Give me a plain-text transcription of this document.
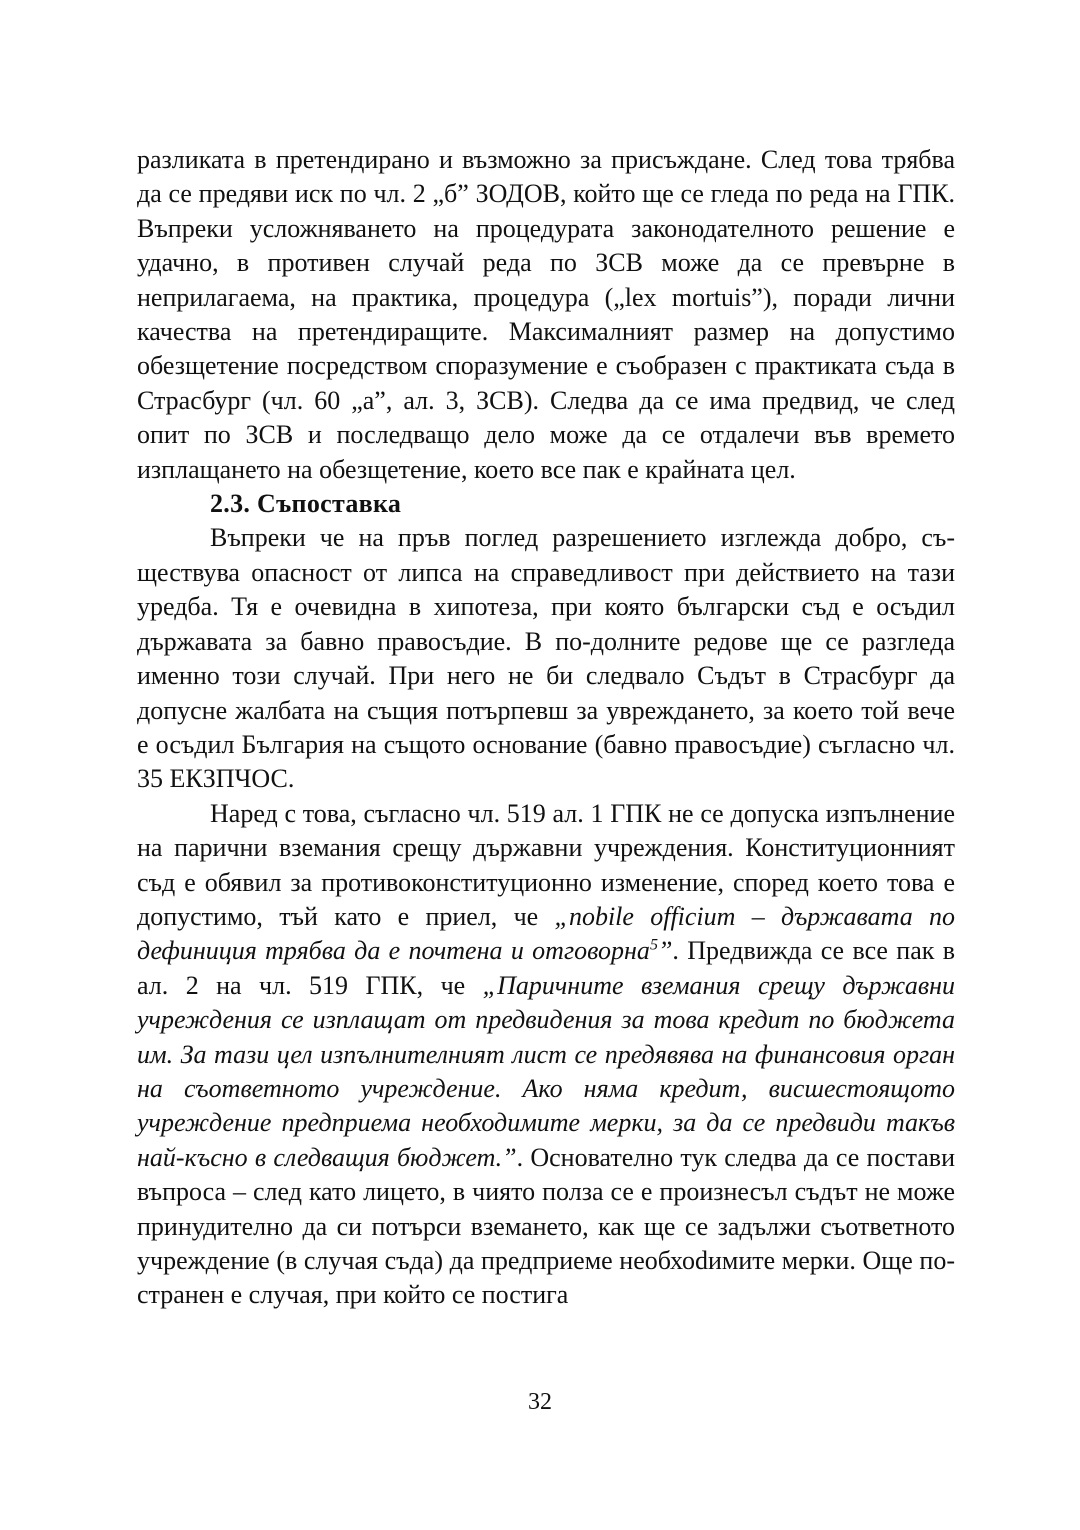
разликата в претендирано и възможно за присъждане. След това трябва да се предяви иск по чл. 2 „б” ЗОДОВ, който ще се гледа по реда на ГПК. Въпреки усложняването на процедурата законодателното решение е удачно, в противен случай реда по ЗСВ може да се превърне в неприлагаема, на практика, процедура („lex mortuis”), поради лични качества на претендиращите. Максималният размер на допустимо обезщетение посредством споразумение е съобразен с практиката съда в Страсбург (чл. 60 „а”, ал. 3, ЗСВ). Следва да се има предвид, че след опит по ЗСВ и последващо дело може да се отдалечи във времето изплащането на обезщетение, което все пак е крайната цел.

2.3. Съпоставка

Въпреки че на пръв поглед разрешението изглежда добро, съществува опасност от липса на справедливост при действието на тази уредба. Тя е очевидна в хипотеза, при която български съд е осъдил държавата за бавно правосъдие. В по-долните редове ще се разгледа именно този случай. При него не би следвало Съдът в Страсбург да допусне жалбата на същия потърпевш за увреждането, за което той вече е осъдил България на същото основание (бавно правосъдие) съгласно чл. 35 ЕКЗПЧОС.

Наред с това, съгласно чл. 519 ал. 1 ГПК не се допуска изпълнение на парични вземания срещу държавни учреждения. Конституционният съд е обявил за противоконституционно изменение, според което това е допустимо, тъй като е приел, че „nobile officium – държавата по дефиниция трябва да е почтена и отговорна$^5$”. Предвижда се все пак в ал. 2 на чл. 519 ГПК, че „Паричните вземания срещу държавни учреждения се изплащат от предвидения за това кредит по бюджета им. За тази цел изпълнителният лист се предявява на финансовия орган на съответното учреждение. Ако няма кредит, висшестоящото учреждение предприема необходимите мерки, за да се предвиди такъв най-късно в следващия бюджет.”. Основателно тук следва да се постави въпроса – след като лицето, в чиято полза се е произнесъл съдът не може принудително да си потърси вземането, как ще се задължи съответното учреждение (в случая съда) да предприеме необхоdимите мерки. Още по-странен е случая, при който се постига

32
